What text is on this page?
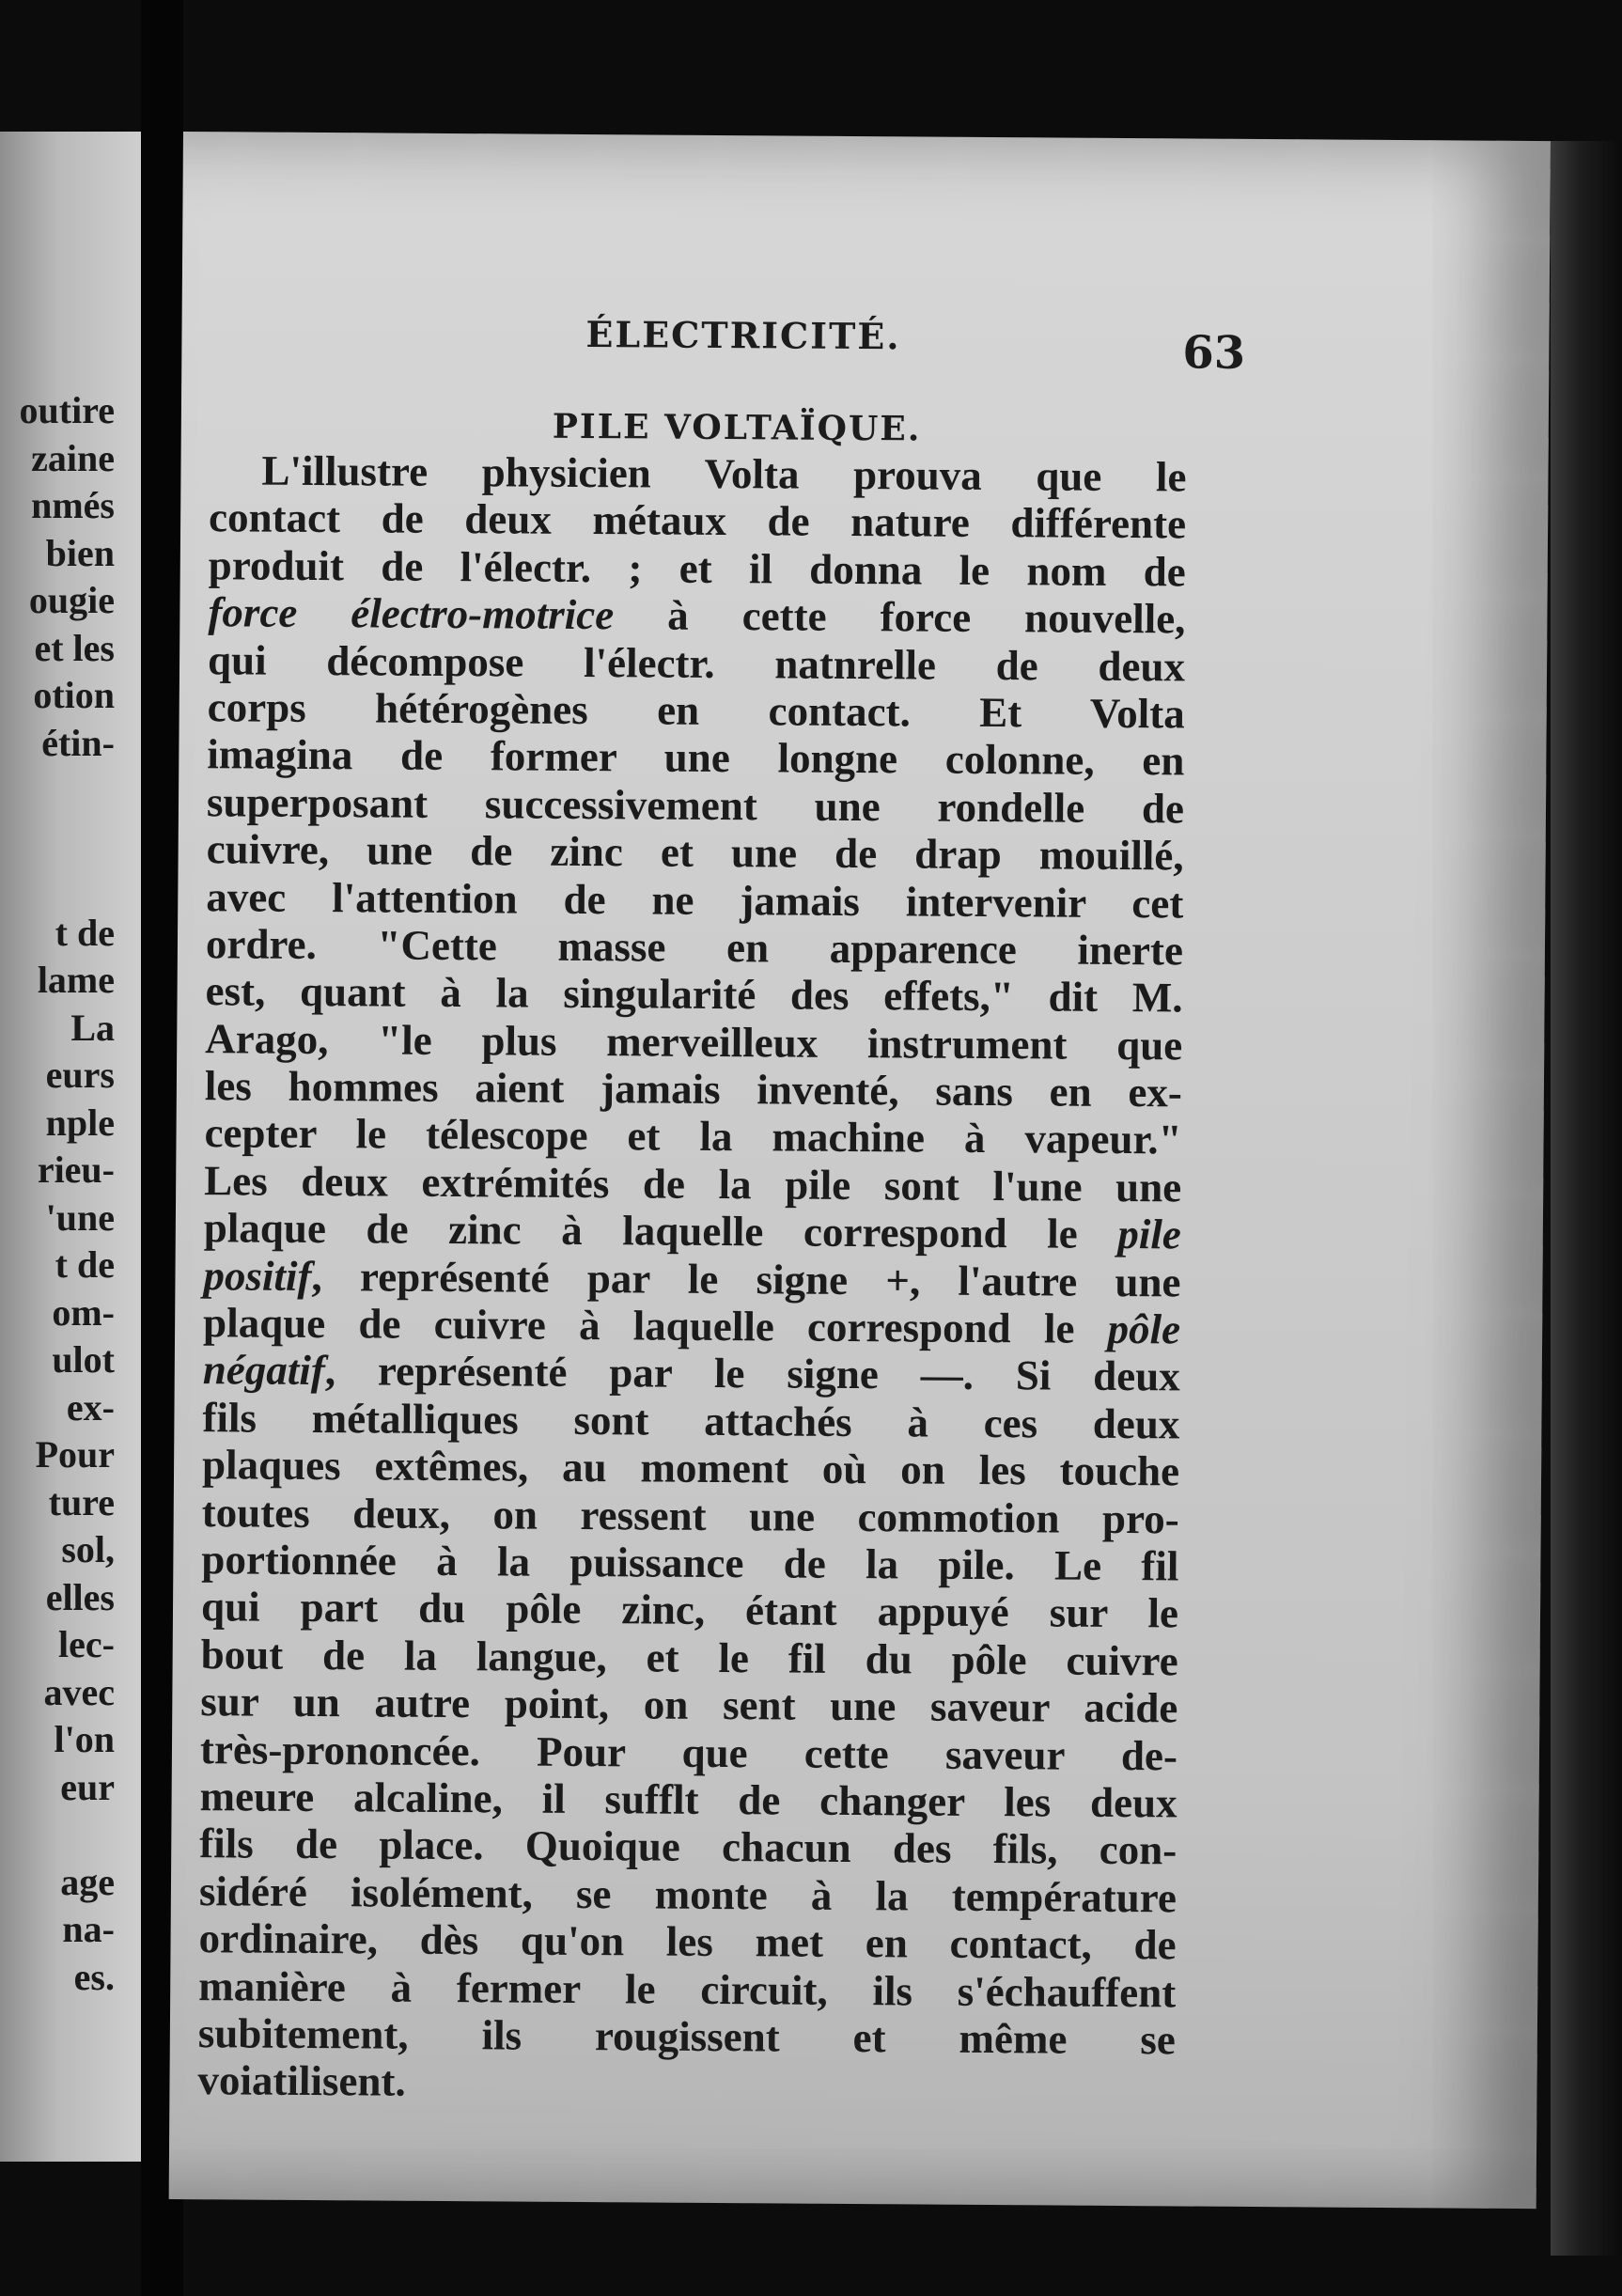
outire
zaine
nmés
bien
ougie
et les
otion
étin-
t de
lame
La
eurs
nple
rieu-
'une
t de
om-
ulot
ex-
Pour
ture
sol,
elles
lec-
avec
l'on
eur
age
na-
es.
ÉLECTRICITÉ.	63
PILE VOLTAÏQUE.
L'illustre physicien Volta prouva que le
contact de deux métaux de nature différente
produit de l'électr. ; et il donna le nom de
force électro-motrice à cette force nouvelle,
qui décompose l'électr. natnrelle de deux
corps hétérogènes en contact. Et Volta
imagina de former une longne colonne, en
superposant successivement une rondelle de
cuivre, une de zinc et une de drap mouillé,
avec l'attention de ne jamais intervenir cet
ordre. "Cette masse en apparence inerte
est, quant à la singularité des effets," dit M.
Arago, "le plus merveilleux instrument que
les hommes aient jamais inventé, sans en ex-
cepter le télescope et la machine à vapeur."
Les deux extrémités de la pile sont l'une une
plaque de zinc à laquelle correspond le pile
positif, représenté par le signe +, l'autre une
plaque de cuivre à laquelle correspond le pôle
négatif, représenté par le signe —. Si deux
fils métalliques sont attachés à ces deux
plaques extêmes, au moment où on les touche
toutes deux, on ressent une commotion pro-
portionnée à la puissance de la pile. Le fil
qui part du pôle zinc, étant appuyé sur le
bout de la langue, et le fil du pôle cuivre
sur un autre point, on sent une saveur acide
très-prononcée. Pour que cette saveur de-
meure alcaline, il sufflt de changer les deux
fils de place. Quoique chacun des fils, con-
sidéré isolément, se monte à la température
ordinaire, dès qu'on les met en contact, de
manière à fermer le circuit, ils s'échauffent
subitement, ils rougissent et même se
voiatilisent.
